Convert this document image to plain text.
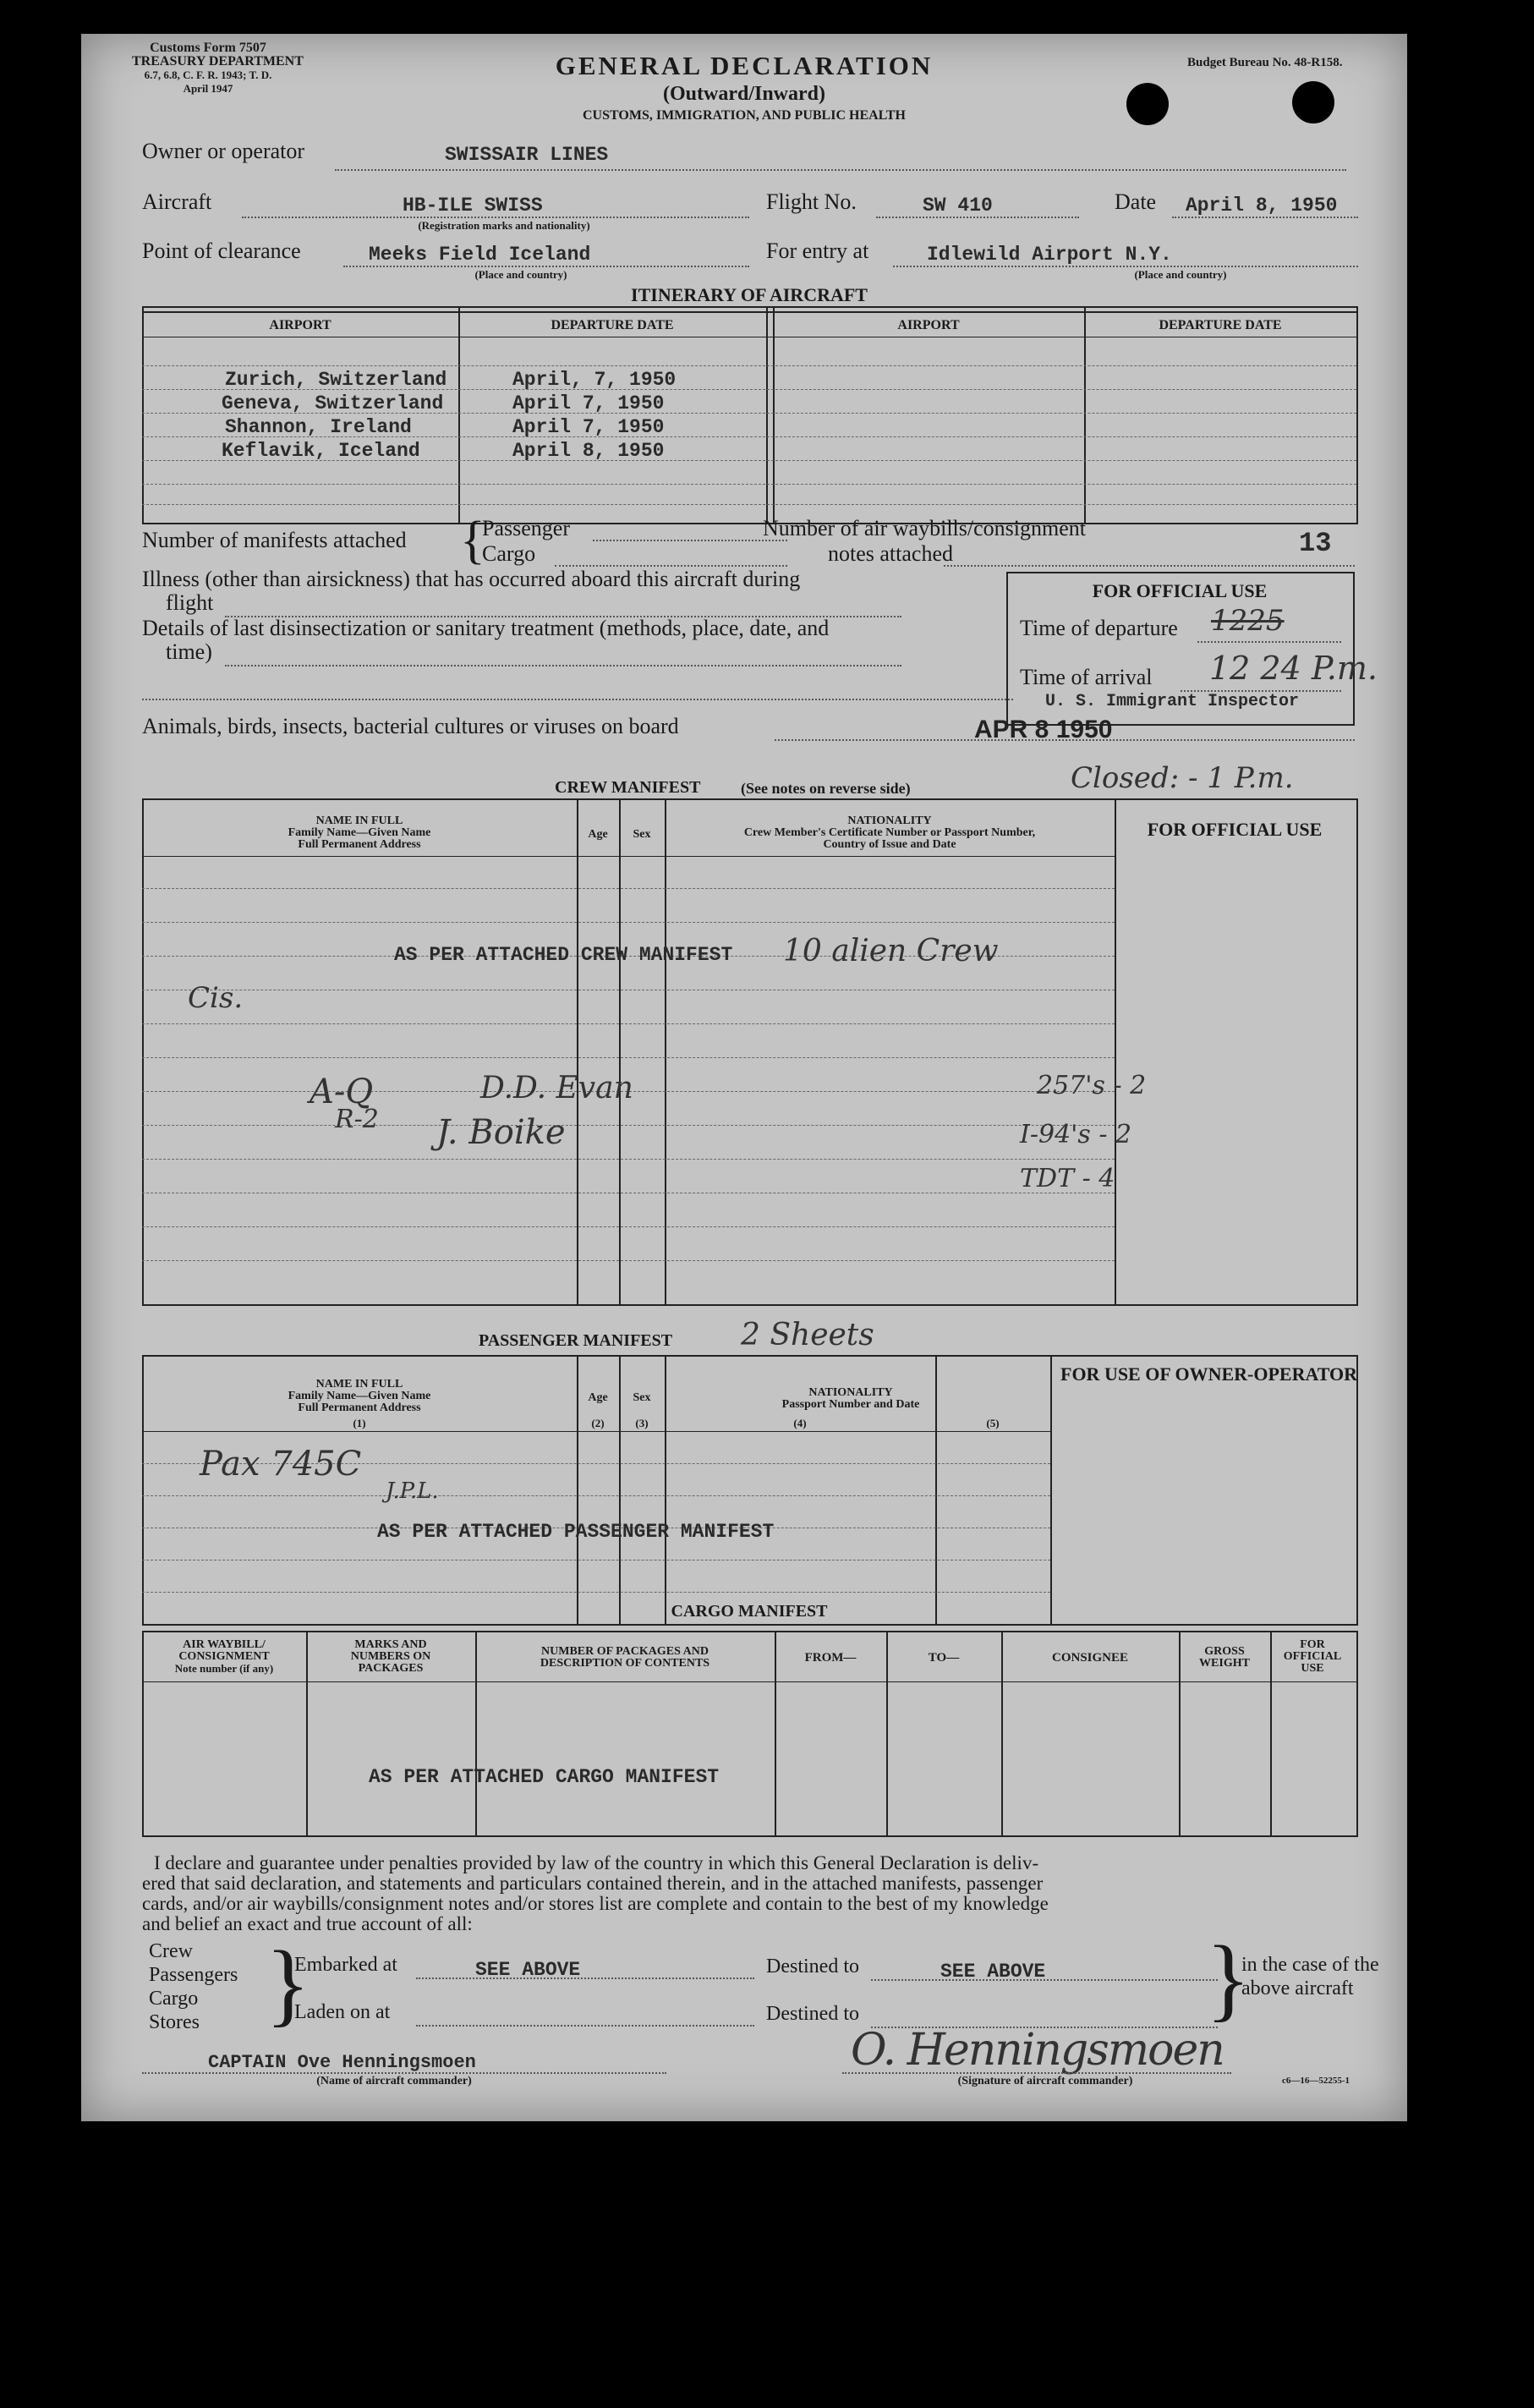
Customs Form 7507
TREASURY DEPARTMENT
6.7, 6.8, C. F. R. 1943; T. D.
April 1947
GENERAL DECLARATION
(Outward/Inward)
CUSTOMS, IMMIGRATION, AND PUBLIC HEALTH
Budget Bureau No. 48-R158.
Owner or operator	SWISSAIR LINES
Aircraft	HB-ILE SWISS
(Registration marks and nationality)
Flight No.	SW 410	Date April 8, 1950
Point of clearance	Meeks Field Iceland
(Place and country)
For entry at	Idlewild Airport N.Y.
(Place and country)
ITINERARY OF AIRCRAFT
AIRPORT	DEPARTURE DATE	AIRPORT	DEPARTURE DATE
Zurich, Switzerland	April, 7, 1950
Geneva, Switzerland	April 7, 1950
Shannon, Ireland	April 7, 1950
Keflavik, Iceland	April 8, 1950
Number of manifests attached {
Passenger
Cargo
Number of air waybills/consignment
notes attached	13
Illness (other than airsickness) that has occurred aboard this aircraft during
flight
Details of last disinsectization or sanitary treatment (methods, place, date, and
time)
Animals, birds, insects, bacterial cultures or viruses on board
FOR OFFICIAL USE
Time of departure 1225
Time of arrival 12 24 P.m.
U. S. Immigrant Inspector
APR 8 1950
CREW MANIFEST	(See notes on reverse side)	Closed: - 1 P.m.
NAME IN FULL
Family Name—Given Name
Full Permanent Address
Age	Sex
NATIONALITY
Crew Member's Certificate Number or Passport Number,
Country of Issue and Date
FOR OFFICIAL USE
AS PER ATTACHED CREW MANIFEST 10 alien Crew
Cis.
A-Q
R-2
D.D. Evan
J. Boike
257's - 2
I-94's - 2
TDT - 4
PASSENGER MANIFEST 2 Sheets
NAME IN FULL
Family Name—Given Name
Full Permanent Address
(1)
Age
(2)
Sex
(3)
NATIONALITY
Passport Number and Date
(4)	(5)
FOR USE OF OWNER-OPERATOR
Pax 745C
J.P.L.
AS PER ATTACHED PASSENGER MANIFEST
CARGO MANIFEST
AIR WAYBILL/
CONSIGNMENT
Note number (if any)
MARKS AND
NUMBERS ON
PACKAGES
NUMBER OF PACKAGES AND
DESCRIPTION OF CONTENTS	FROM—	TO—	CONSIGNEE	GROSS
WEIGHT
FOR
OFFICIAL
USE
AS PER ATTACHED CARGO MANIFEST
I declare and guarantee under penalties provided by law of the country in which this General Declaration is deliv-
ered that said declaration, and statements and particulars contained therein, and in the attached manifests, passenger
cards, and/or air waybills/consignment notes and/or stores list are complete and contain to the best of my knowledge
and belief an exact and true account of all:
Crew
Passengers
Cargo
Stores }
Embarked at	SEE ABOVE
Laden on at
Destined to	SEE ABOVE
Destined to	}
in the case of the
above aircraft
CAPTAIN Ove Henningsmoen
(Name of aircraft commander)
O. Henningsmoen
(Signature of aircraft commander)	c6—16—52255-1
